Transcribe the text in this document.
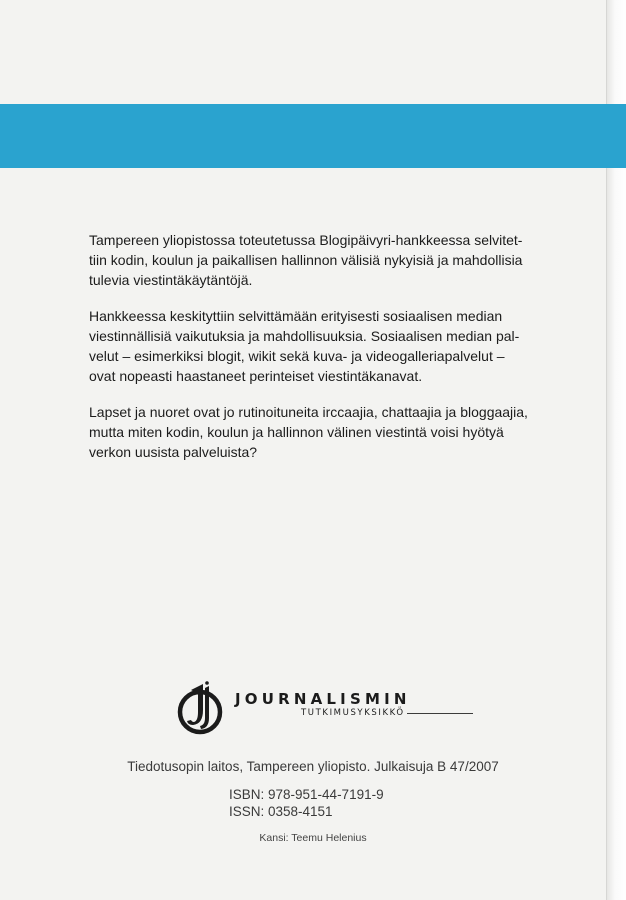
Tampereen yliopistossa toteutetussa Blogipäivyri-hankkeessa selvitet-
tiin kodin, koulun ja paikallisen hallinnon välisiä nykyisiä ja mahdollisia
tulevia viestintäkäytäntöjä.

Hankkeessa keskityttiin selvittämään erityisesti sosiaalisen median
viestinnällisiä vaikutuksia ja mahdollisuuksia. Sosiaalisen median pal-
velut – esimerkiksi blogit, wikit sekä kuva- ja videogalleriapalvelut –
ovat nopeasti haastaneet perinteiset viestintäkanavat.

Lapset ja nuoret ovat jo rutinoituneita irccaajia, chattaajia ja bloggaajia,
mutta miten kodin, koulun ja hallinnon välinen viestintä voisi hyötyä
verkon uusista palveluista?

JOURNALISMIN
TUTKIMUSYKSIKKÖ
Tiedotusopin laitos, Tampereen yliopisto. Julkaisuja B 47/2007
ISBN: 978-951-44-7191-9
ISSN: 0358-4151
Kansi: Teemu Helenius
